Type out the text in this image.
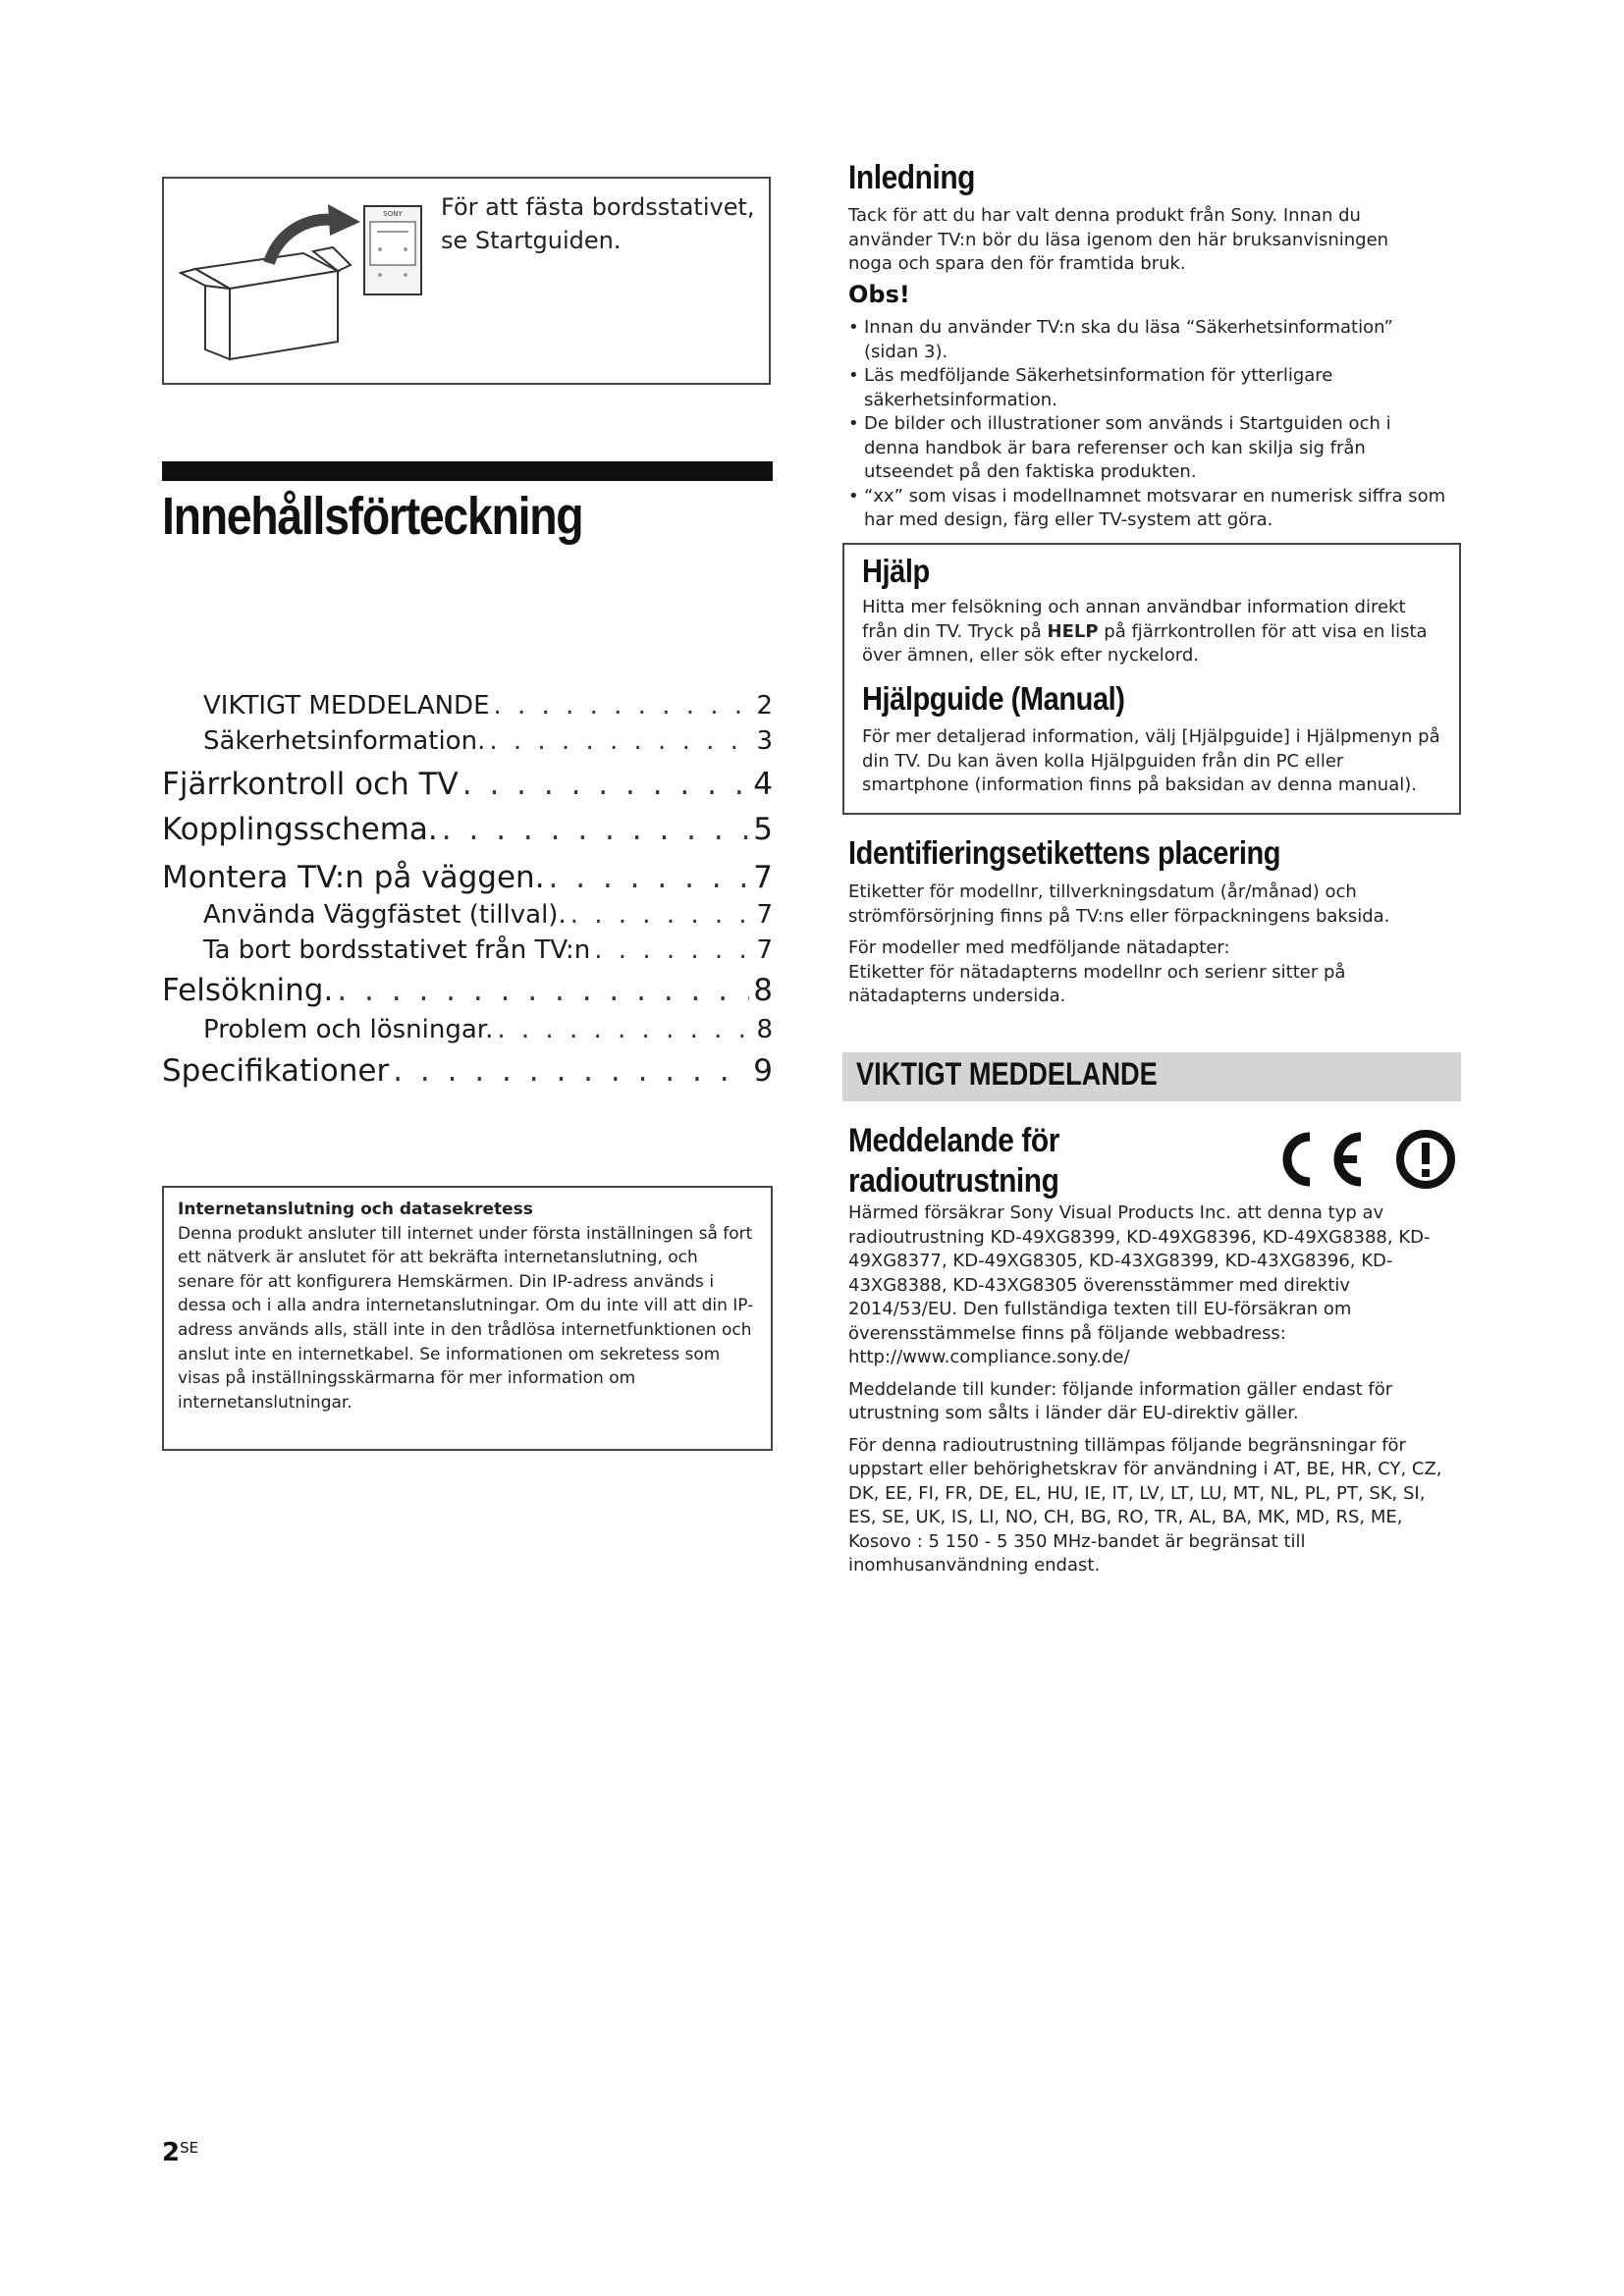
SONY För att fästa bordsstativet, se Startguiden.
Innehållsförteckning
VIKTIGT MEDDELANDE . . .	2
Säkerhetsinformation. . . .	3
Fjärrkontroll och TV . . .	4
Kopplingsschema. . . .	5
Montera TV:n på väggen. . . .	7
Använda Väggfästet (tillval). . . .	7
Ta bort bordsstativet från TV:n . . .	7
Felsökning. . . .	8
Problem och lösningar. . . .	8
Specifikationer . . .	9
Internetanslutning och datasekretess

Denna produkt ansluter till internet under första inställningen så fort ett nätverk är anslutet för att bekräfta internetanslutning, och senare för att konfigurera Hemskärmen. Din IP-adress används i dessa och i alla andra internetanslutningar. Om du inte vill att din IP-adress används alls, ställ inte in den trådlösa internetfunktionen och anslut inte en internetkabel. Se informationen om sekretess som visas på inställningsskärmarna för mer information om internetanslutningar.

$2^{SE}$
Inledning
Tack för att du har valt denna produkt från Sony. Innan du använder TV:n bör du läsa igenom den här bruksanvisningen noga och spara den för framtida bruk.
Obs!
• Innan du använder TV:n ska du läsa “Säkerhetsinformation” (sidan 3).
• Läs medföljande Säkerhetsinformation för ytterligare säkerhetsinformation.
• De bilder och illustrationer som används i Startguiden och i denna handbok är bara referenser och kan skilja sig från utseendet på den faktiska produkten.
• “xx” som visas i modellnamnet motsvarar en numerisk siffra som har med design, färg eller TV-system att göra.
Hjälp
Hitta mer felsökning och annan användbar information direkt från din TV. Tryck på HELP på fjärrkontrollen för att visa en lista över ämnen, eller sök efter nyckelord.
Hjälpguide (Manual)
För mer detaljerad information, välj [Hjälpguide] i Hjälpmenyn på din TV. Du kan även kolla Hjälpguiden från din PC eller smartphone (information finns på baksidan av denna manual).
Identifieringsetikettens placering

Etiketter för modellnr, tillverkningsdatum (år/månad) och strömförsörjning finns på TV:ns eller förpackningens baksida.

För modeller med medföljande nätadapter:

Etiketter för nätadapterns modellnr och serienr sitter på nätadapterns undersida.

VIKTIGT MEDDELANDE
Meddelande för
radioutrustning

Härmed försäkrar Sony Visual Products Inc. att denna typ av radioutrustning KD-49XG8399, KD-49XG8396, KD-49XG8388, KD-49XG8377, KD-49XG8305, KD-43XG8399, KD-43XG8396, KD-43XG8388, KD-43XG8305 överensstämmer med direktiv 2014/53/EU. Den fullständiga texten till EU-försäkran om överensstämmelse finns på följande webbadress: http://www.compliance.sony.de/

Meddelande till kunder: följande information gäller endast för utrustning som sålts i länder där EU-direktiv gäller.

För denna radioutrustning tillämpas följande begränsningar för uppstart eller behörighetskrav för användning i AT, BE, HR, CY, CZ, DK, EE, FI, FR, DE, EL, HU, IE, IT, LV, LT, LU, MT, NL, PL, PT, SK, SI, ES, SE, UK, IS, LI, NO, CH, BG, RO, TR, AL, BA, MK, MD, RS, ME, Kosovo : 5 150 - 5 350 MHz-bandet är begränsat till inomhusanvändning endast.
